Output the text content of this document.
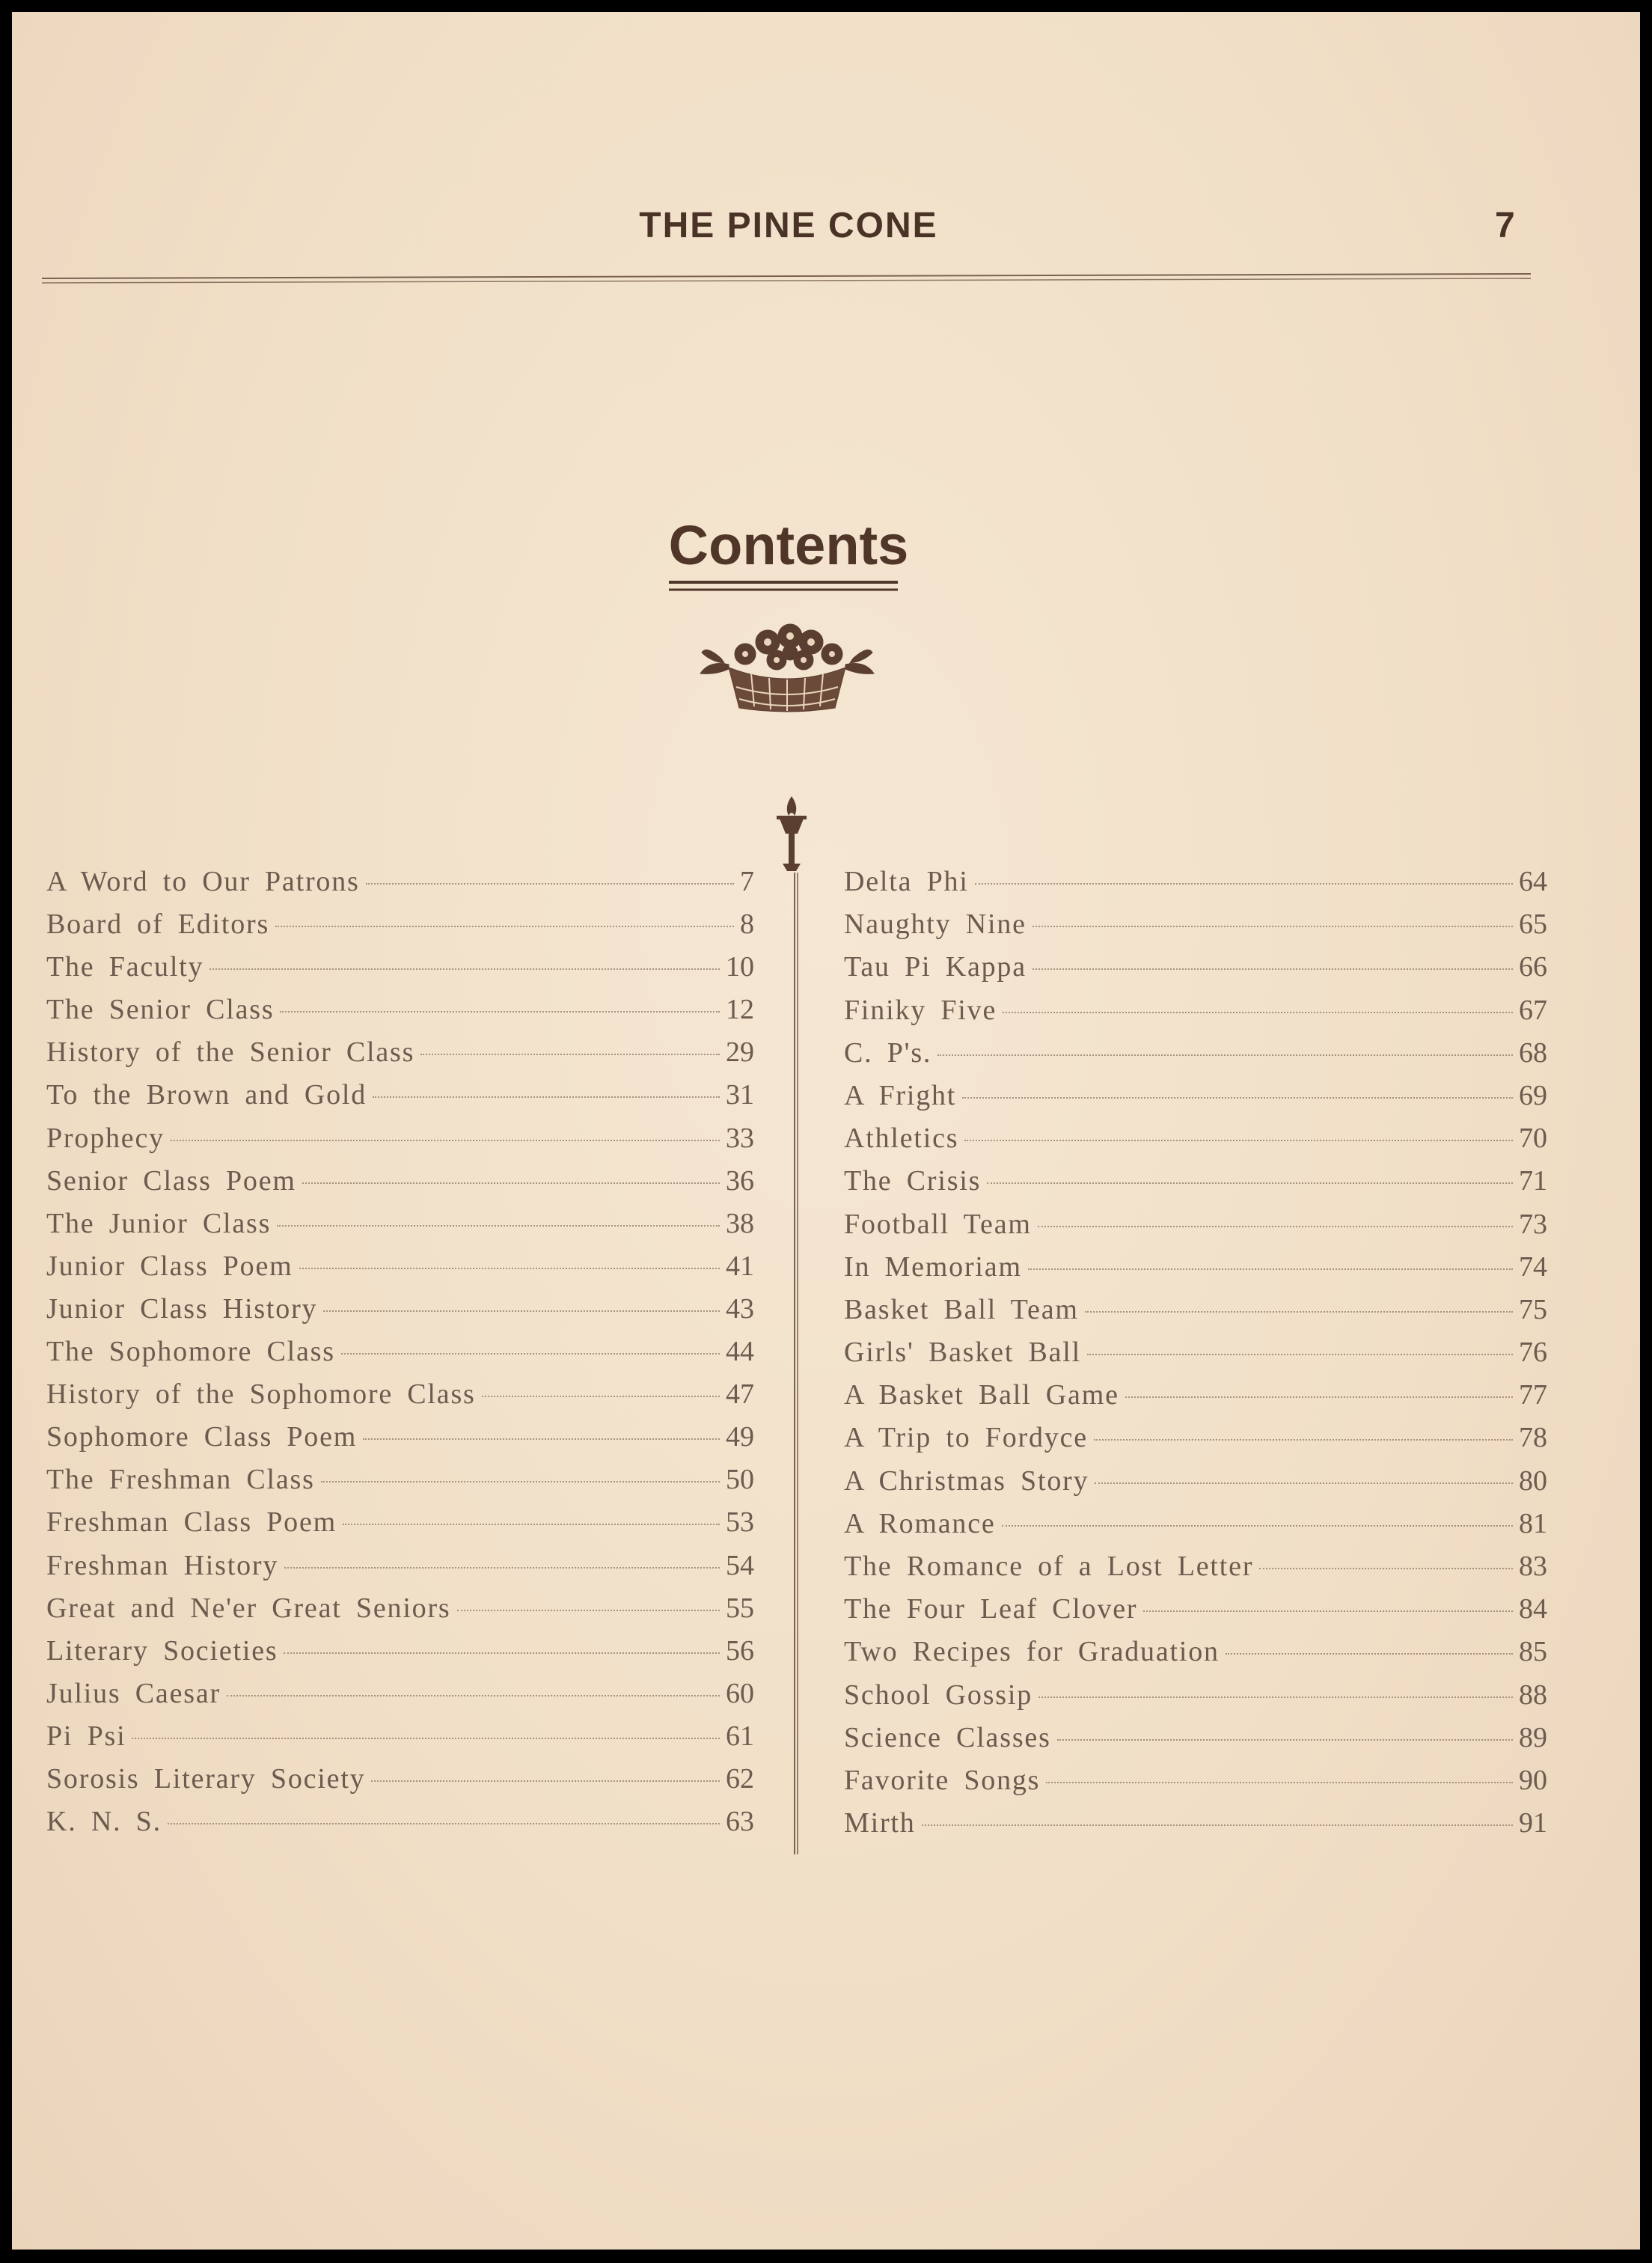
THE PINE CONE	7
Contents
A Word to Our Patrons	7
Board of Editors	8
The Faculty	10
The Senior Class	12
History of the Senior Class	29
To the Brown and Gold	31
Prophecy	33
Senior Class Poem	36
The Junior Class	38
Junior Class Poem	41
Junior Class History	43
The Sophomore Class	44
History of the Sophomore Class	47
Sophomore Class Poem	49
The Freshman Class	50
Freshman Class Poem	53
Freshman History	54
Great and Ne'er Great Seniors	55
Literary Societies	56
Julius Caesar	60
Pi Psi	61
Sorosis Literary Society	62
K. N. S.	63
Delta Phi	64
Naughty Nine	65
Tau Pi Kappa	66
Finiky Five	67
C. P's.	68
A Fright	69
Athletics	70
The Crisis	71
Football Team	73
In Memoriam	74
Basket Ball Team	75
Girls' Basket Ball	76
A Basket Ball Game	77
A Trip to Fordyce	78
A Christmas Story	80
A Romance	81
The Romance of a Lost Letter	83
The Four Leaf Clover	84
Two Recipes for Graduation	85
School Gossip	88
Science Classes	89
Favorite Songs	90
Mirth	91
